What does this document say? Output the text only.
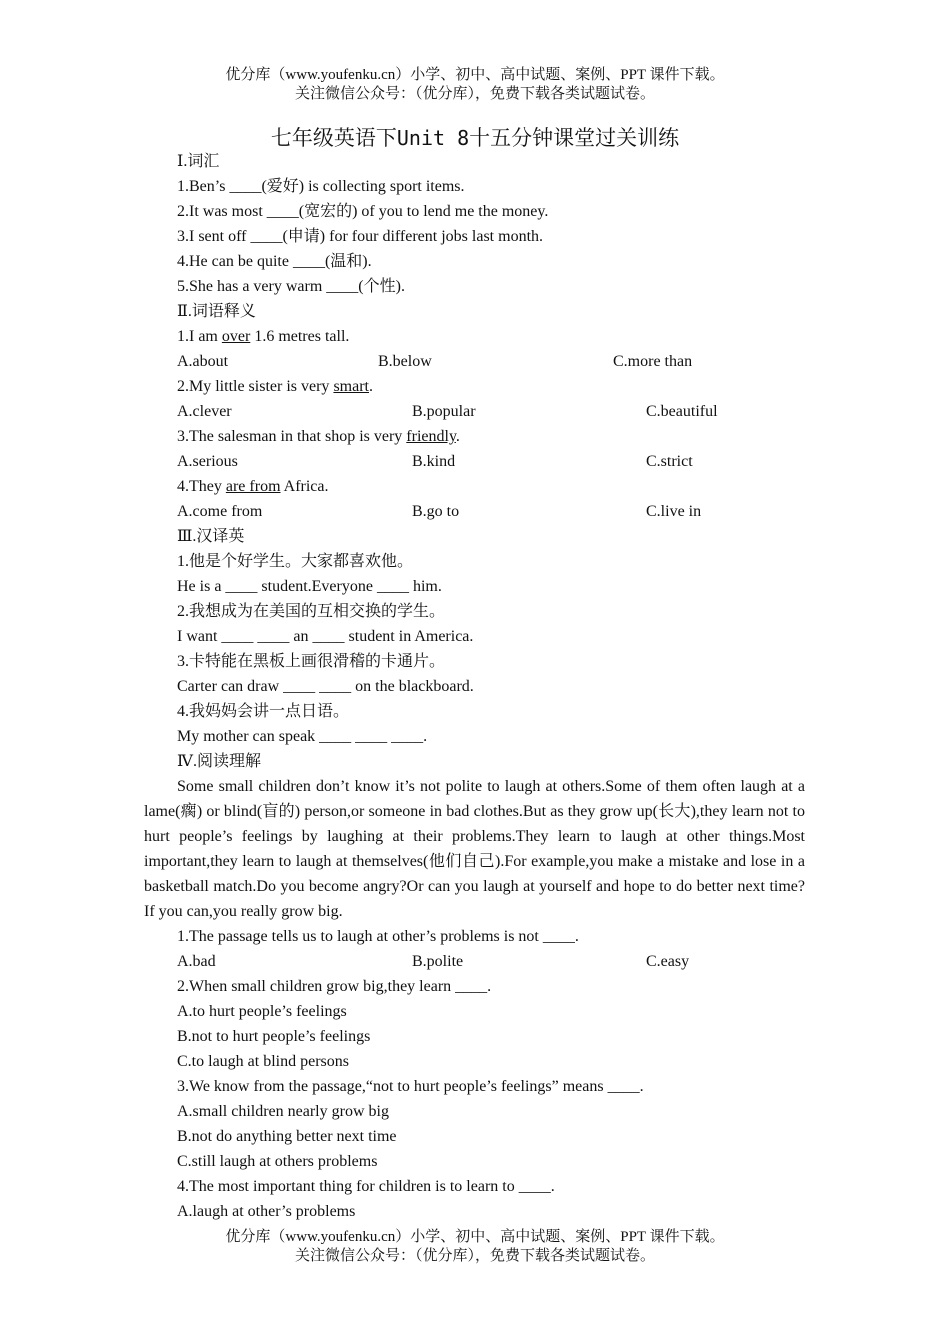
优分库（www.youfenku.cn）小学、初中、高中试题、案例、PPT 课件下载。
关注微信公众号：（优分库），免费下载各类试题试卷。
七年级英语下Unit 8十五分钟课堂过关训练
Ⅰ.词汇
1.Ben’s ____(爱好) is collecting sport items.
2.It was most ____(宽宏的) of you to lend me the money.
3.I sent off ____(申请) for four different jobs last month.
4.He can be quite ____(温和).
5.She has a very warm ____(个性).
Ⅱ.词语释义
1.I am over 1.6 metres tall.
A.about	B.below	C.more than
2.My little sister is very smart.
A.clever	B.popular	C.beautiful
3.The salesman in that shop is very friendly.
A.serious	B.kind	C.strict
4.They are from Africa.
A.come from	B.go to	C.live in
Ⅲ.汉译英
1.他是个好学生。大家都喜欢他。
He is a ____ student.Everyone ____ him.
2.我想成为在美国的互相交换的学生。
I want ____ ____ an ____ student in America.
3.卡特能在黑板上画很滑稽的卡通片。
Carter can draw ____ ____ on the blackboard.
4.我妈妈会讲一点日语。
My mother can speak ____ ____ ____.
Ⅳ.阅读理解
Some small children don’t know it’s not polite to laugh at others.Some of them often laugh at a lame(瘸) or blind(盲的) person,or someone in bad clothes.But as they grow up(长大),they learn not to hurt people’s feelings by laughing at their problems.They learn to laugh at other things.Most important,they learn to laugh at themselves(他们自己).For example,you make a mistake and lose in a basketball match.Do you become angry?Or can you laugh at yourself and hope to do better next time?If you can,you really grow big.
1.The passage tells us to laugh at other’s problems is not ____.
A.bad	B.polite	C.easy
2.When small children grow big,they learn ____.
A.to hurt people’s feelings
B.not to hurt people’s feelings
C.to laugh at blind persons
3.We know from the passage,“not to hurt people’s feelings” means ____.
A.small children nearly grow big
B.not do anything better next time
C.still laugh at others problems
4.The most important thing for children is to learn to ____.
A.laugh at other’s problems
优分库（www.youfenku.cn）小学、初中、高中试题、案例、PPT 课件下载。
关注微信公众号：（优分库），免费下载各类试题试卷。
